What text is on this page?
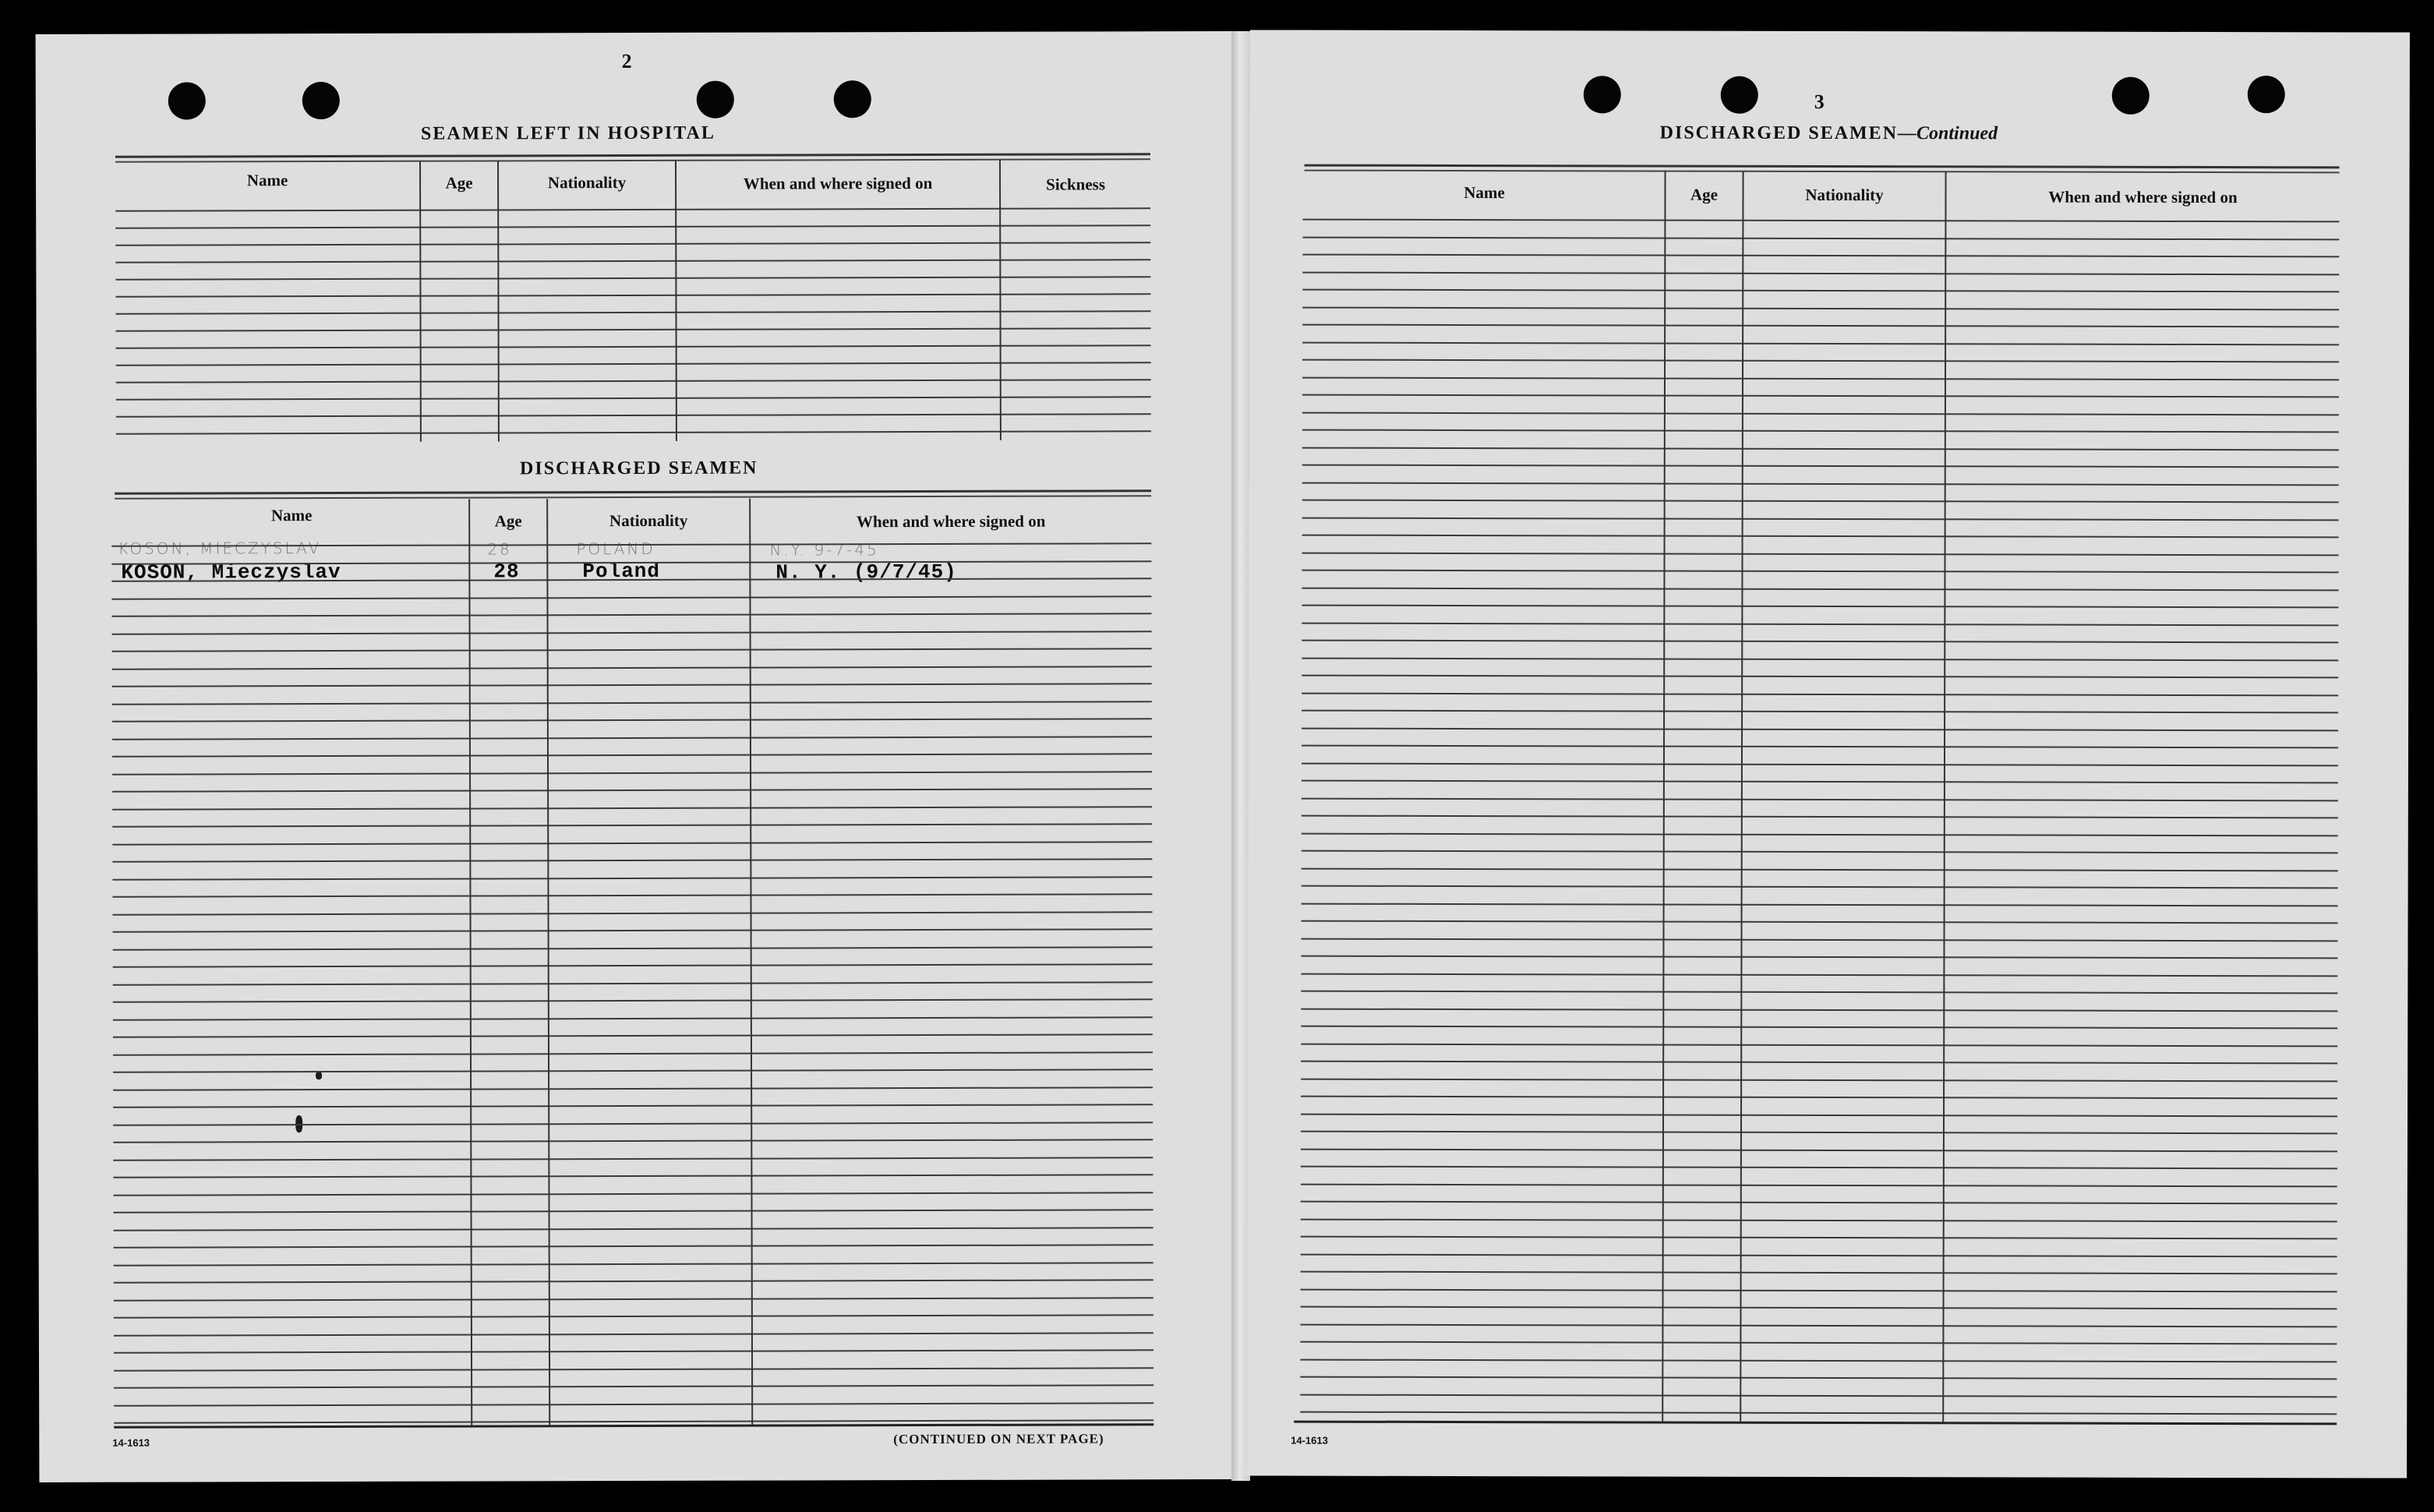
2
SEAMEN LEFT IN HOSPITAL
Name	Age	Nationality	When and where signed on	Sickness
DISCHARGED SEAMEN
Name	Age	Nationality	When and where signed on
KOSON, MIECZYSLAV	28	POLAND	N.Y. 9-7-45
KOSON, Mieczyslav	28	Poland	N. Y. (9/7/45)
14-1613	(CONTINUED ON NEXT PAGE)
3
DISCHARGED SEAMEN—Continued
Name	Age	Nationality	When and where signed on
14-1613
